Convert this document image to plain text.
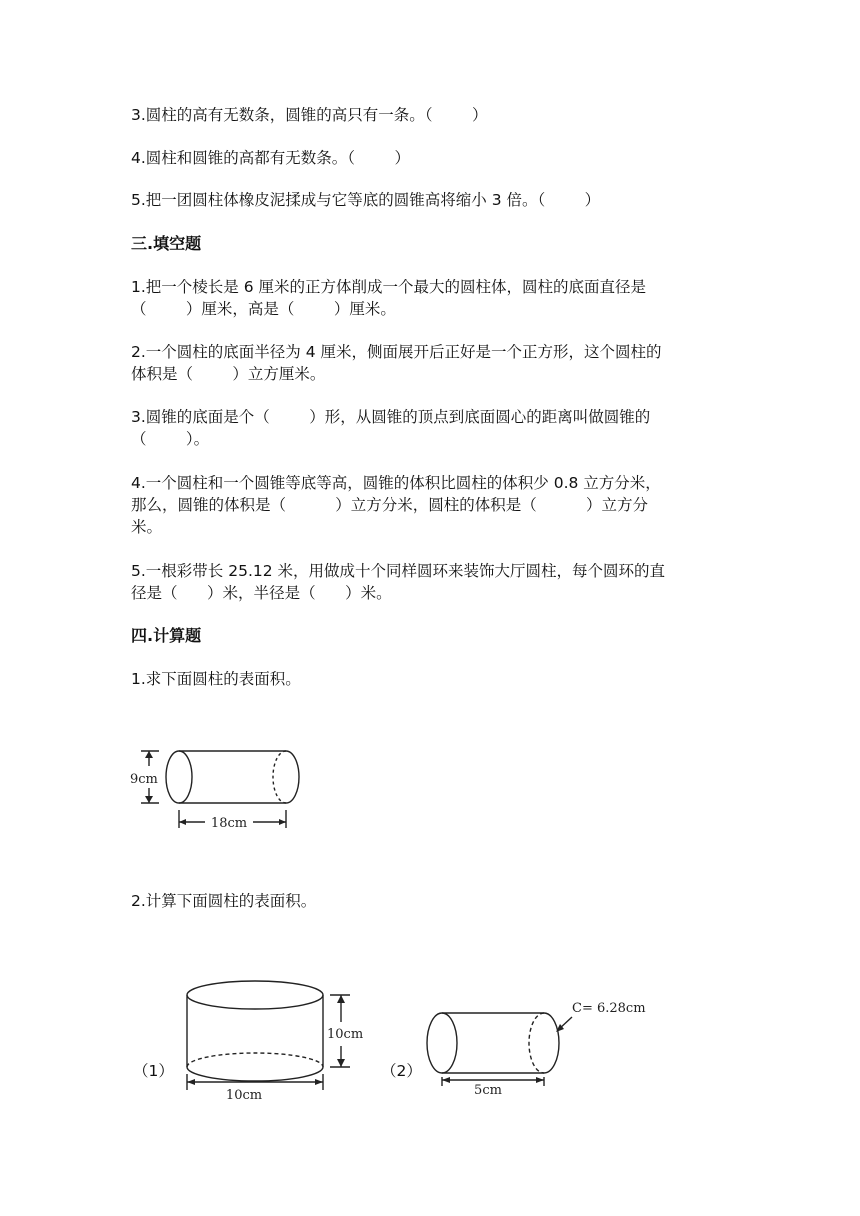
3.圆柱的高有无数条，圆锥的高只有一条。（        ）
4.圆柱和圆锥的高都有无数条。（        ）
5.把一团圆柱体橡皮泥揉成与它等底的圆锥高将缩小 3 倍。（        ）
三.填空题
1.把一个棱长是 6 厘米的正方体削成一个最大的圆柱体，圆柱的底面直径是
（        ）厘米，高是（        ）厘米。
2.一个圆柱的底面半径为 4 厘米，侧面展开后正好是一个正方形，这个圆柱的
体积是（        ）立方厘米。
3.圆锥的底面是个（        ）形，从圆锥的顶点到底面圆心的距离叫做圆锥的
（        ）。
4.一个圆柱和一个圆锥等底等高，圆锥的体积比圆柱的体积少 0.8 立方分米，
那么，圆锥的体积是（          ）立方分米，圆柱的体积是（          ）立方分
米。
5.一根彩带长 25.12 米，用做成十个同样圆环来装饰大厅圆柱，每个圆环的直
径是（      ）米，半径是（      ）米。
四.计算题
1.求下面圆柱的表面积。
9cm
18cm
2.计算下面圆柱的表面积。
（1）
10cm
10cm
（2）
C= 6.28cm
5cm
